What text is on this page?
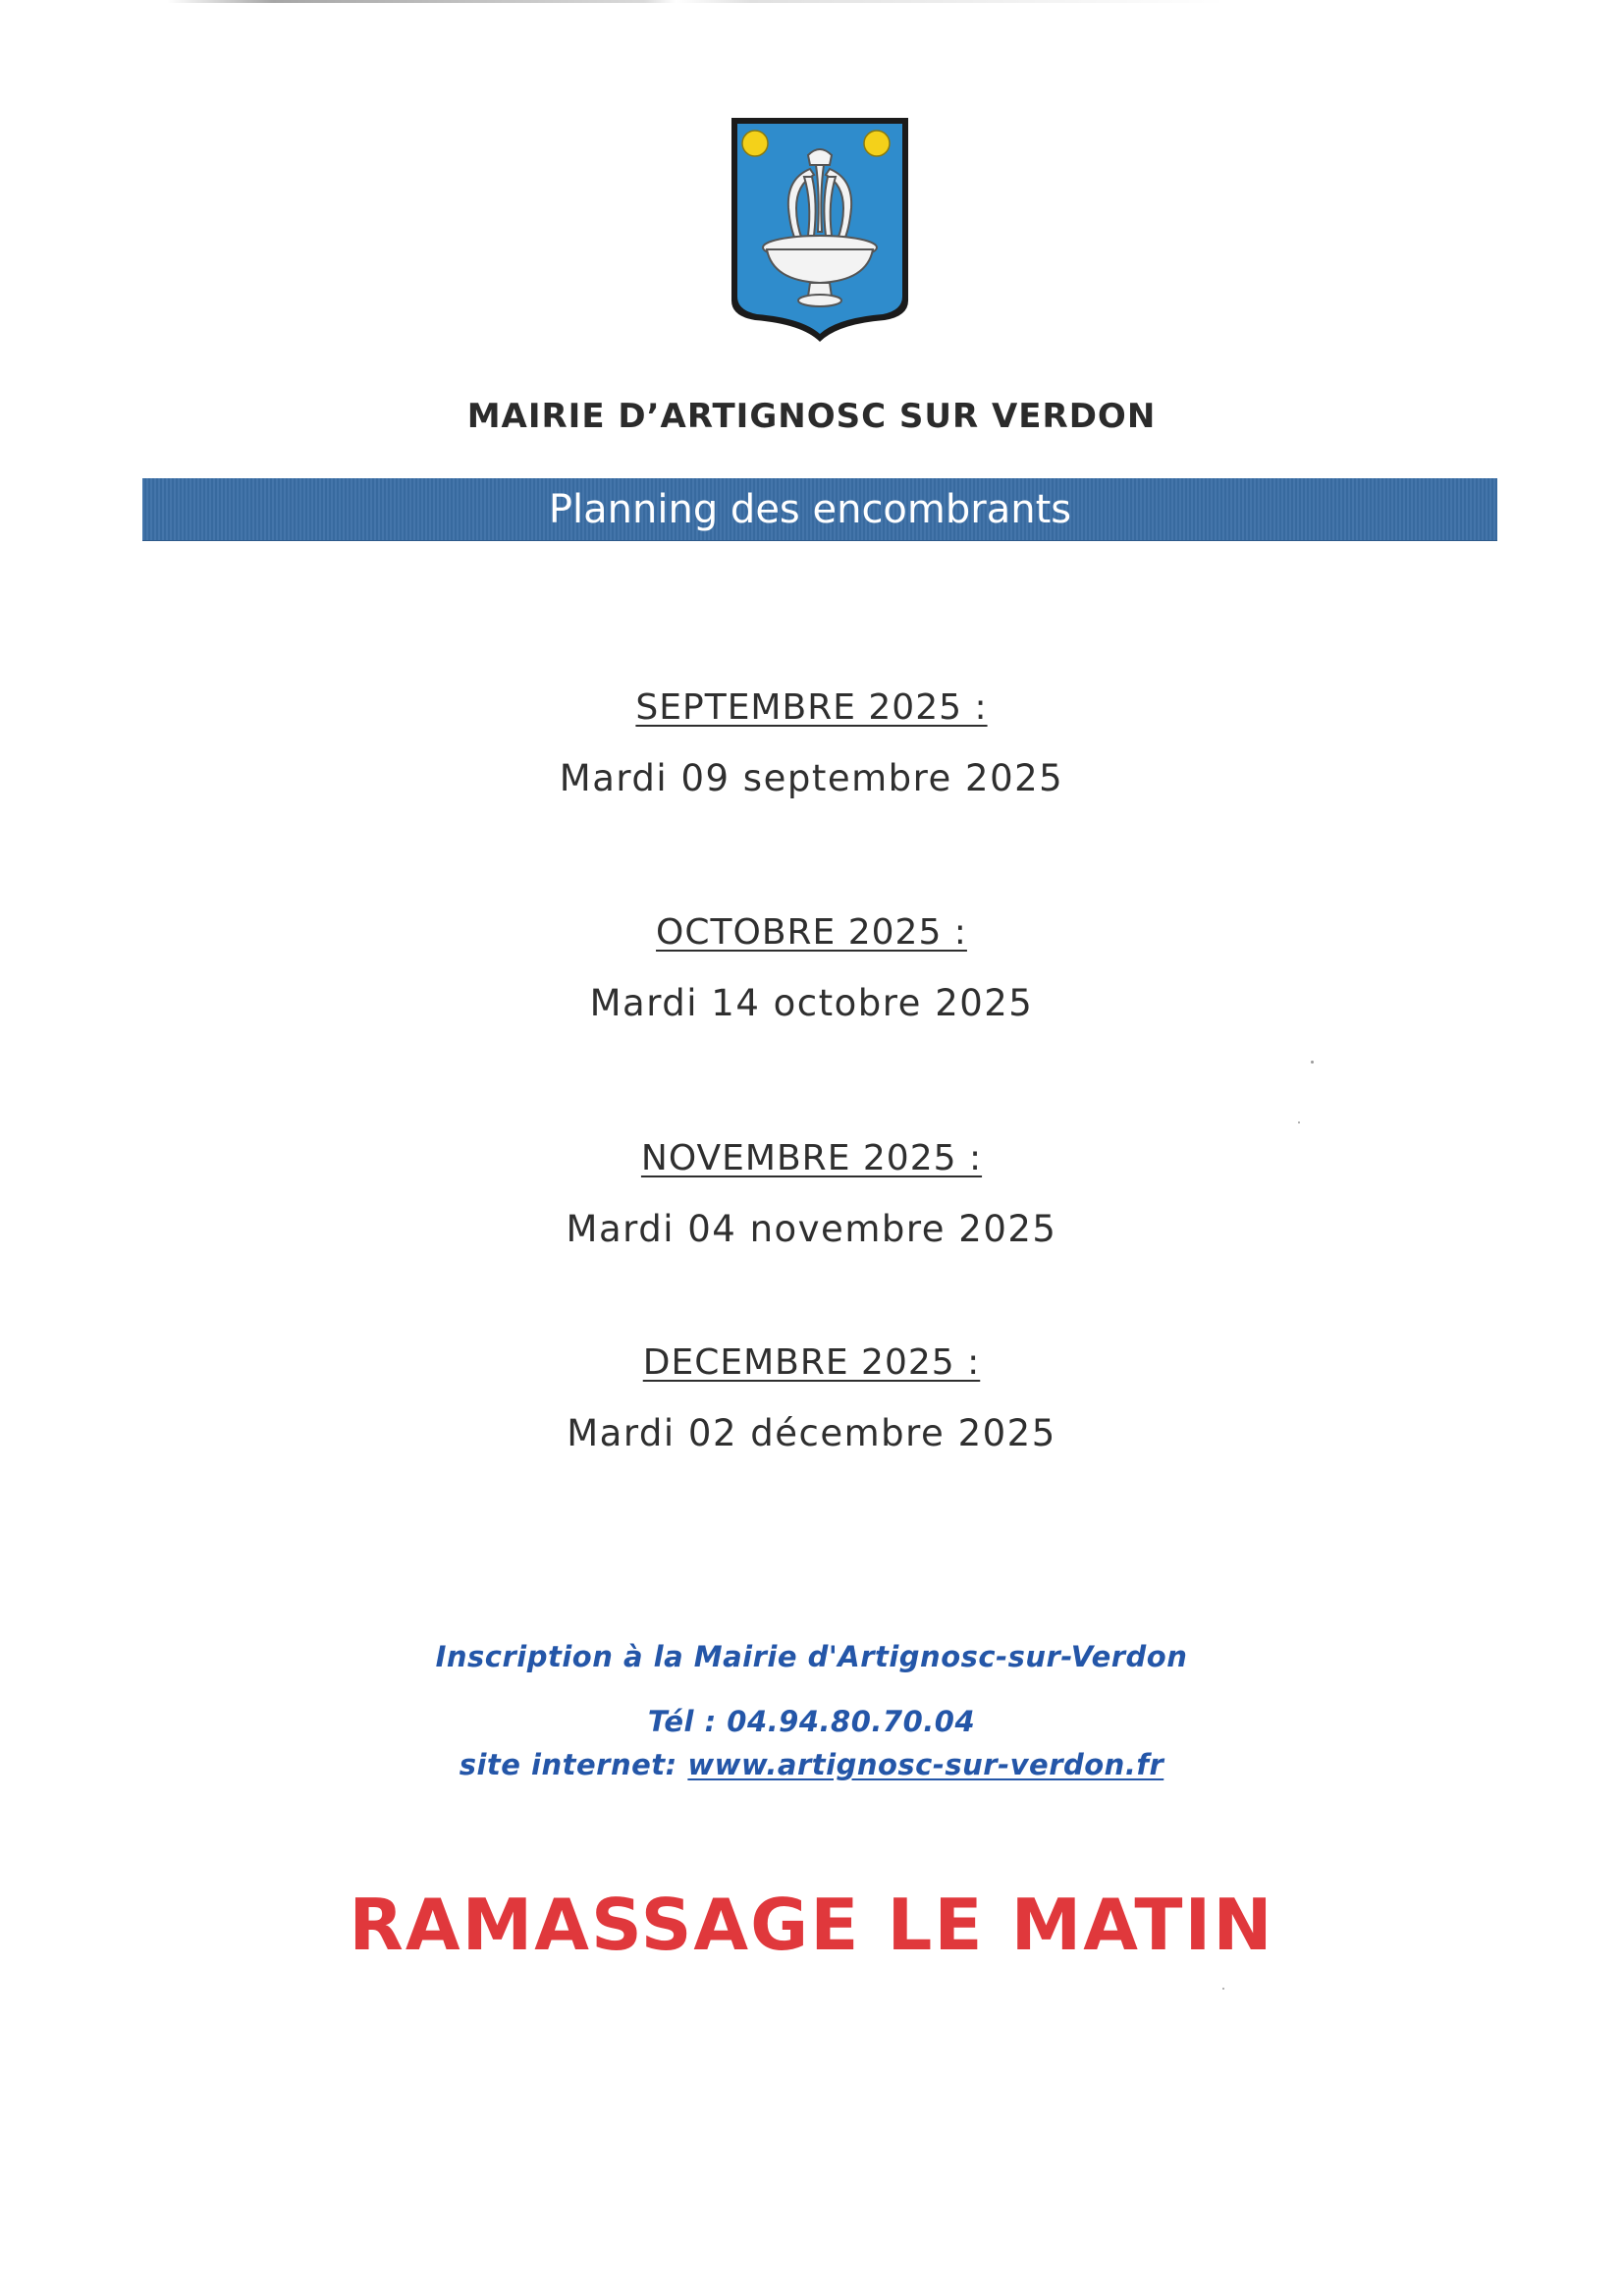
MAIRIE D’ARTIGNOSC SUR VERDON
Planning des encombrants
SEPTEMBRE 2025 :
Mardi 09 septembre 2025
OCTOBRE 2025 :
Mardi 14 octobre 2025
NOVEMBRE 2025 :
Mardi 04 novembre 2025
DECEMBRE 2025 :
Mardi 02 décembre 2025
Inscription à la Mairie d'Artignosc-sur-Verdon
Tél : 04.94.80.70.04
site internet: www.artignosc-sur-verdon.fr
RAMASSAGE LE MATIN
